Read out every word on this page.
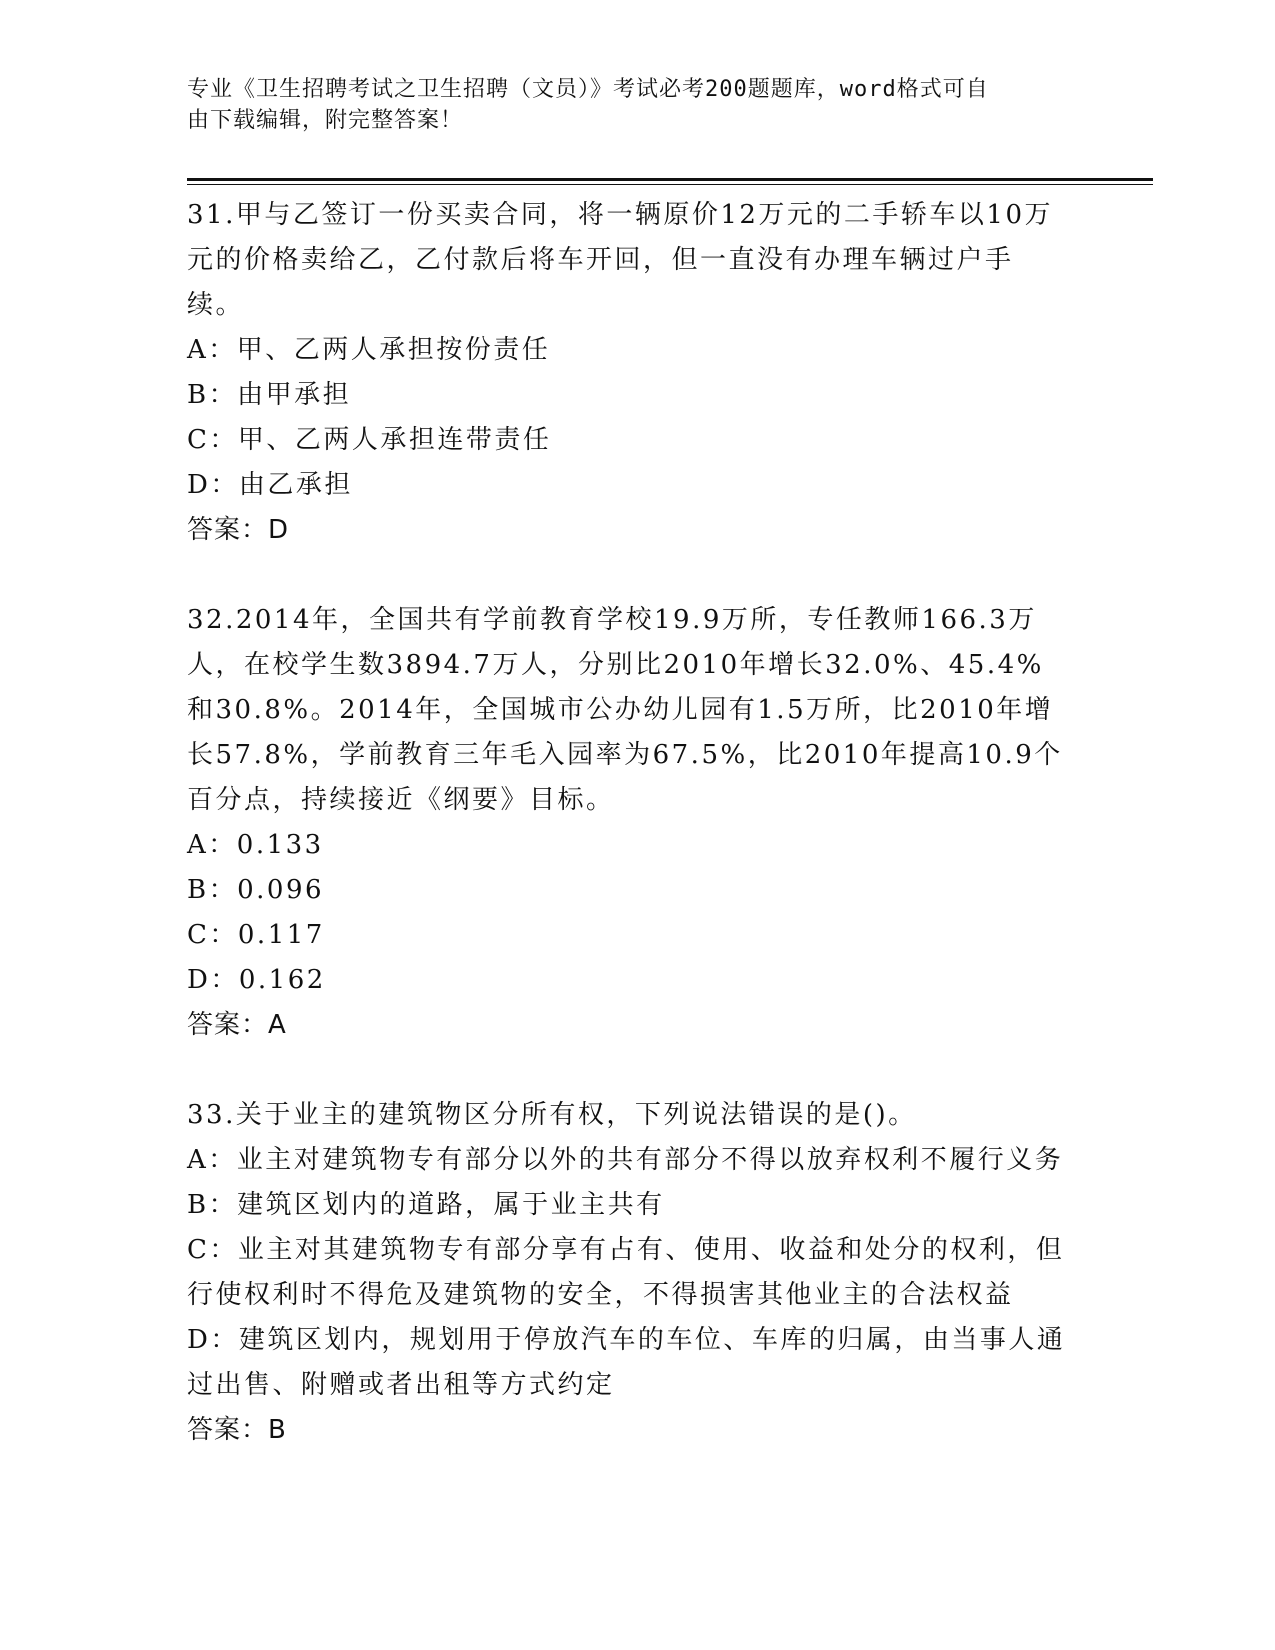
专业《卫生招聘考试之卫生招聘（文员）》考试必考200题题库，word格式可自
由下载编辑，附完整答案！

31.甲与乙签订一份买卖合同，将一辆原价12万元的二手轿车以10万元的价格卖给乙，乙付款后将车开回，但一直没有办理车辆过户手续。

A：甲、乙两人承担按份责任

B：由甲承担

C：甲、乙两人承担连带责任

D：由乙承担

答案：D

32.2014年，全国共有学前教育学校19.9万所，专任教师166.3万人，在校学生数3894.7万人，分别比2010年增长32.0%、45.4%和30.8%。2014年，全国城市公办幼儿园有1.5万所，比2010年增长57.8%，学前教育三年毛入园率为67.5%，比2010年提高10.9个百分点，持续接近《纲要》目标。

A：0.133

B：0.096

C：0.117

D：0.162

答案：A

33.关于业主的建筑物区分所有权，下列说法错误的是()。

A：业主对建筑物专有部分以外的共有部分不得以放弃权利不履行义务

B：建筑区划内的道路，属于业主共有

C：业主对其建筑物专有部分享有占有、使用、收益和处分的权利，但行使权利时不得危及建筑物的安全，不得损害其他业主的合法权益

D：建筑区划内，规划用于停放汽车的车位、车库的归属，由当事人通过出售、附赠或者出租等方式约定

答案：B
